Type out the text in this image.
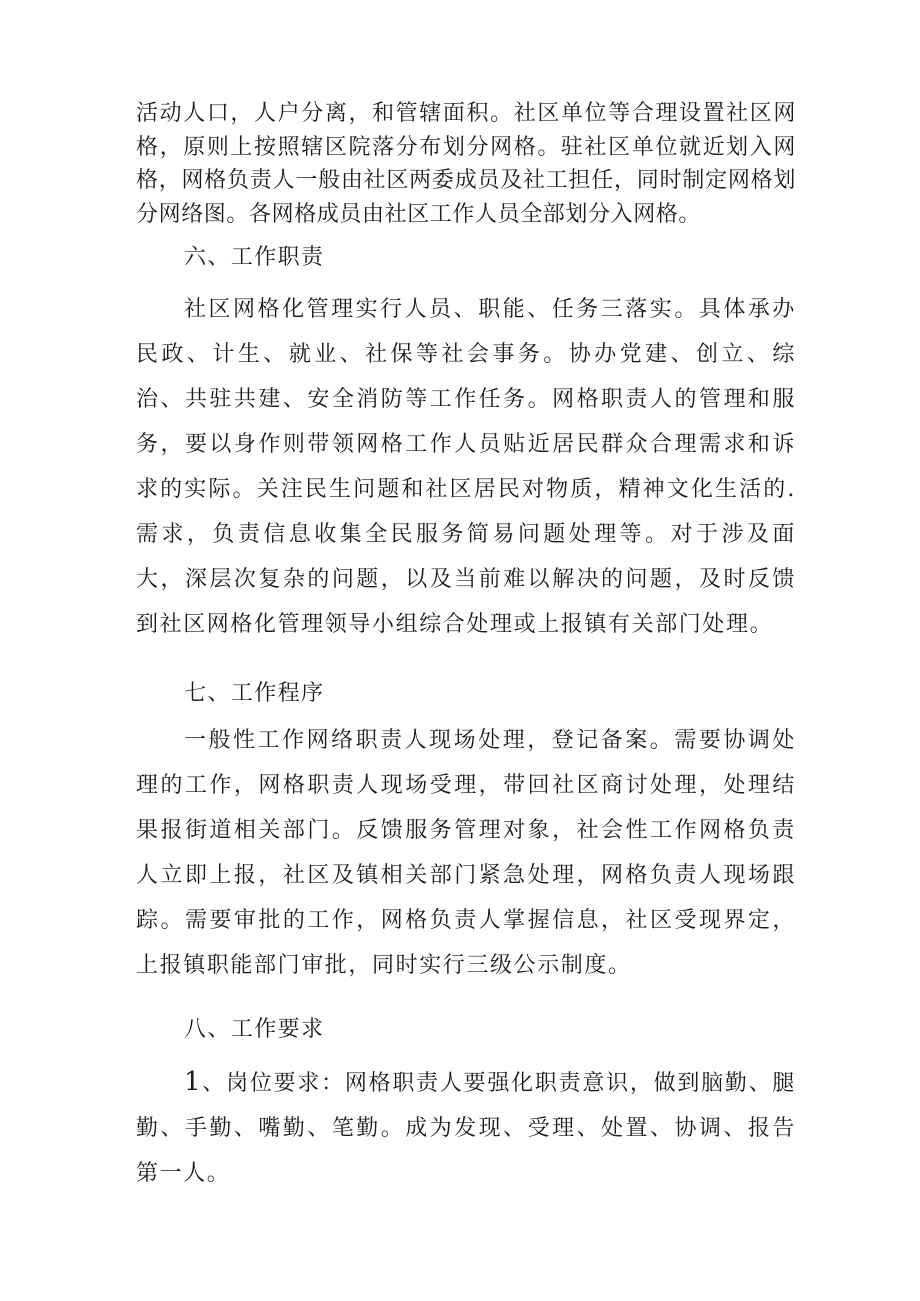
活动人口，人户分离，和管辖面积。社区单位等合理设置社区网格，原则上按照辖区院落分布划分网格。驻社区单位就近划入网格，网格负责人一般由社区两委成员及社工担任，同时制定网格划分网络图。各网格成员由社区工作人员全部划分入网格。

六、工作职责

社区网格化管理实行人员、职能、任务三落实。具体承办民政、计生、就业、社保等社会事务。协办党建、创立、综治、共驻共建、安全消防等工作任务。网格职责人的管理和服务，要以身作则带领网格工作人员贴近居民群众合理需求和诉求的实际。关注民生问题和社区居民对物质，精神文化生活的.需求，负责信息收集全民服务简易问题处理等。对于涉及面大，深层次复杂的问题，以及当前难以解决的问题，及时反馈到社区网格化管理领导小组综合处理或上报镇有关部门处理。

七、工作程序

一般性工作网络职责人现场处理，登记备案。需要协调处理的工作，网格职责人现场受理，带回社区商讨处理，处理结果报街道相关部门。反馈服务管理对象，社会性工作网格负责人立即上报，社区及镇相关部门紧急处理，网格负责人现场跟踪。需要审批的工作，网格负责人掌握信息，社区受现界定，上报镇职能部门审批，同时实行三级公示制度。

八、工作要求

1、岗位要求：网格职责人要强化职责意识，做到脑勤、腿勤、手勤、嘴勤、笔勤。成为发现、受理、处置、协调、报告第一人。
